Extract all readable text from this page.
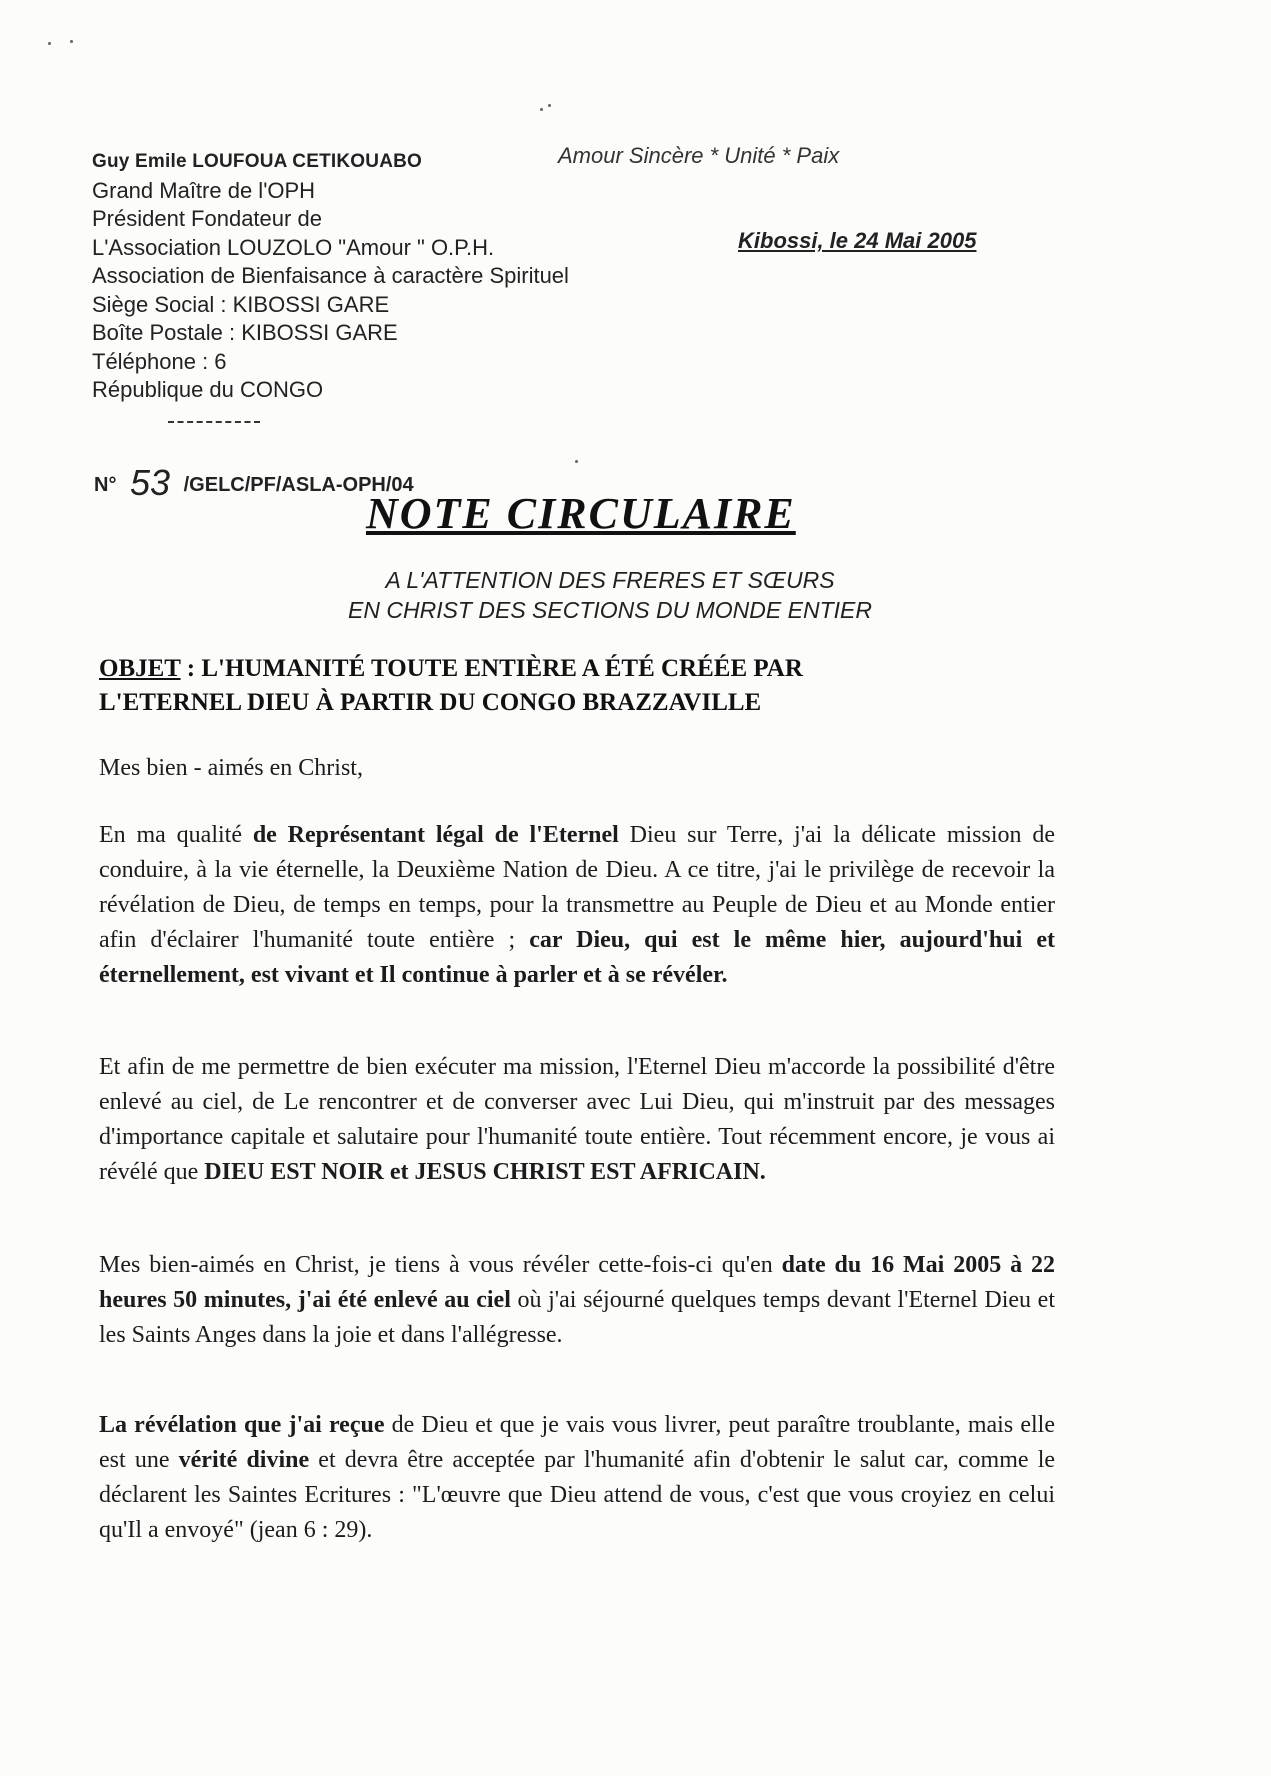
Guy Emile LOUFOUA CETIKOUABO
Grand Maître de l'OPH
Président Fondateur de
L'Association LOUZOLO "Amour " O.P.H.
Association de Bienfaisance à caractère Spirituel
Siège Social : KIBOSSI GARE
Boîte Postale : KIBOSSI GARE
Téléphone : 6
République du CONGO
Amour Sincère * Unité * Paix
Kibossi, le 24 Mai 2005
N° 53 /GELC/PF/ASLA-OPH/04
NOTE CIRCULAIRE
A L'ATTENTION DES FRERES ET SŒURS
EN CHRIST DES SECTIONS DU MONDE ENTIER
OBJET : L'HUMANITÉ TOUTE ENTIÈRE A ÉTÉ CRÉÉE PAR
L'ETERNEL DIEU À PARTIR DU CONGO BRAZZAVILLE
Mes bien - aimés en Christ,
En ma qualité de Représentant légal de l'Eternel Dieu sur Terre, j'ai la délicate mission de conduire, à la vie éternelle, la Deuxième Nation de Dieu. A ce titre, j'ai le privilège de recevoir la révélation de Dieu, de temps en temps, pour la transmettre au Peuple de Dieu et au Monde entier afin d'éclairer l'humanité toute entière ; car Dieu, qui est le même hier, aujourd'hui et éternellement, est vivant et Il continue à parler et à se révéler.
Et afin de me permettre de bien exécuter ma mission, l'Eternel Dieu m'accorde la possibilité d'être enlevé au ciel, de Le rencontrer et de converser avec Lui Dieu, qui m'instruit par des messages d'importance capitale et salutaire pour l'humanité toute entière. Tout récemment encore, je vous ai révélé que DIEU EST NOIR et JESUS CHRIST EST AFRICAIN.
Mes bien-aimés en Christ, je tiens à vous révéler cette-fois-ci qu'en date du 16 Mai 2005 à 22 heures 50 minutes, j'ai été enlevé au ciel où j'ai séjourné quelques temps devant l'Eternel Dieu et les Saints Anges dans la joie et dans l'allégresse.
La révélation que j'ai reçue de Dieu et que je vais vous livrer, peut paraître troublante, mais elle est une vérité divine et devra être acceptée par l'humanité afin d'obtenir le salut car, comme le déclarent les Saintes Ecritures : "L'œuvre que Dieu attend de vous, c'est que vous croyiez en celui qu'Il a envoyé" (jean 6 : 29).
